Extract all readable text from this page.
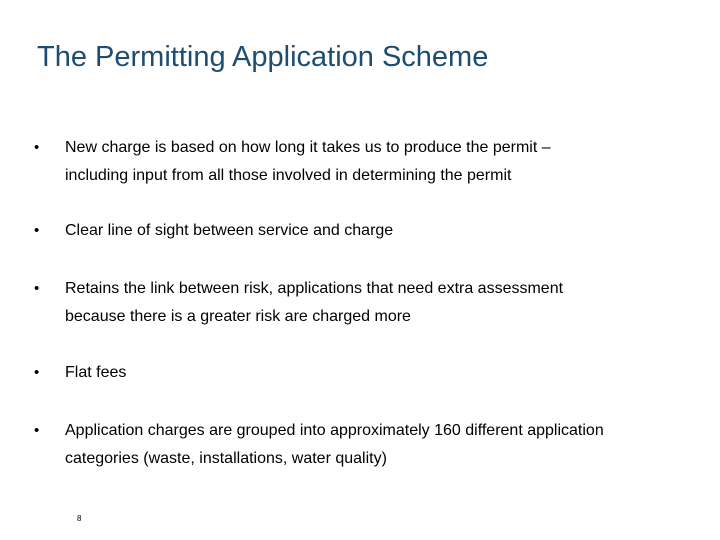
The Permitting Application Scheme
• New charge is based on how long it takes us to produce the permit –
including input from all those involved in determining the permit
• Clear line of sight between service and charge
• Retains the link between risk, applications that need extra assessment
because there is a greater risk are charged more
• Flat fees
• Application charges are grouped into approximately 160 different application
categories (waste, installations, water quality)
8
